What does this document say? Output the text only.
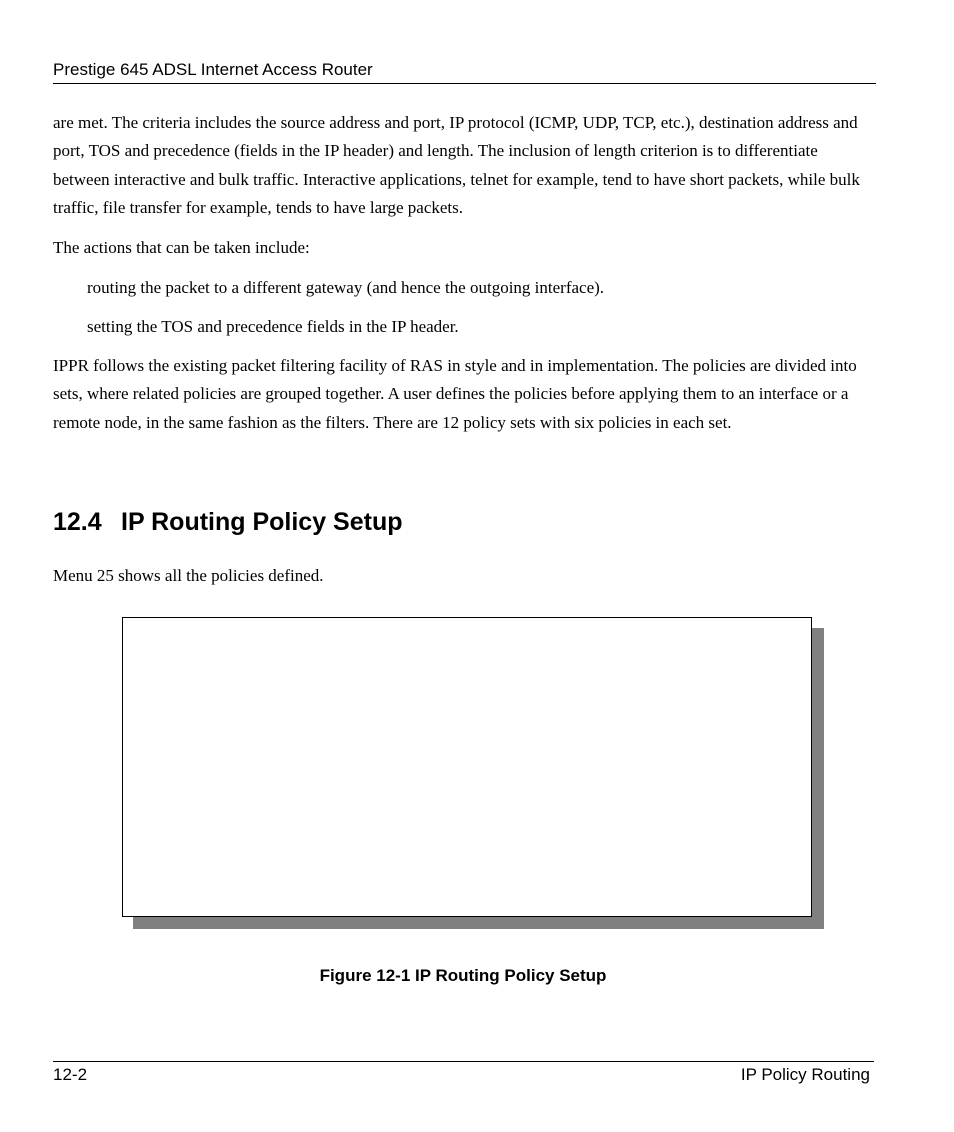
Prestige 645 ADSL Internet Access Router

are met. The criteria includes the source address and port, IP protocol (ICMP, UDP, TCP, etc.), destination address and port, TOS and precedence (fields in the IP header) and length. The inclusion of length criterion is to differentiate between interactive and bulk traffic. Interactive applications, telnet for example, tend to have short packets, while bulk traffic, file transfer for example, tends to have large packets.

The actions that can be taken include:

routing the packet to a different gateway (and hence the outgoing interface).

setting the TOS and precedence fields in the IP header.

IPPR follows the existing packet filtering facility of RAS in style and in implementation. The policies are divided into sets, where related policies are grouped together. A user defines the policies before applying them to an interface or a remote node, in the same fashion as the filters. There are 12 policy sets with six policies in each set.

12.4 IP Routing Policy Setup

Menu 25 shows all the policies defined.

Figure 12-1 IP Routing Policy Setup
12-2	IP Policy Routing
